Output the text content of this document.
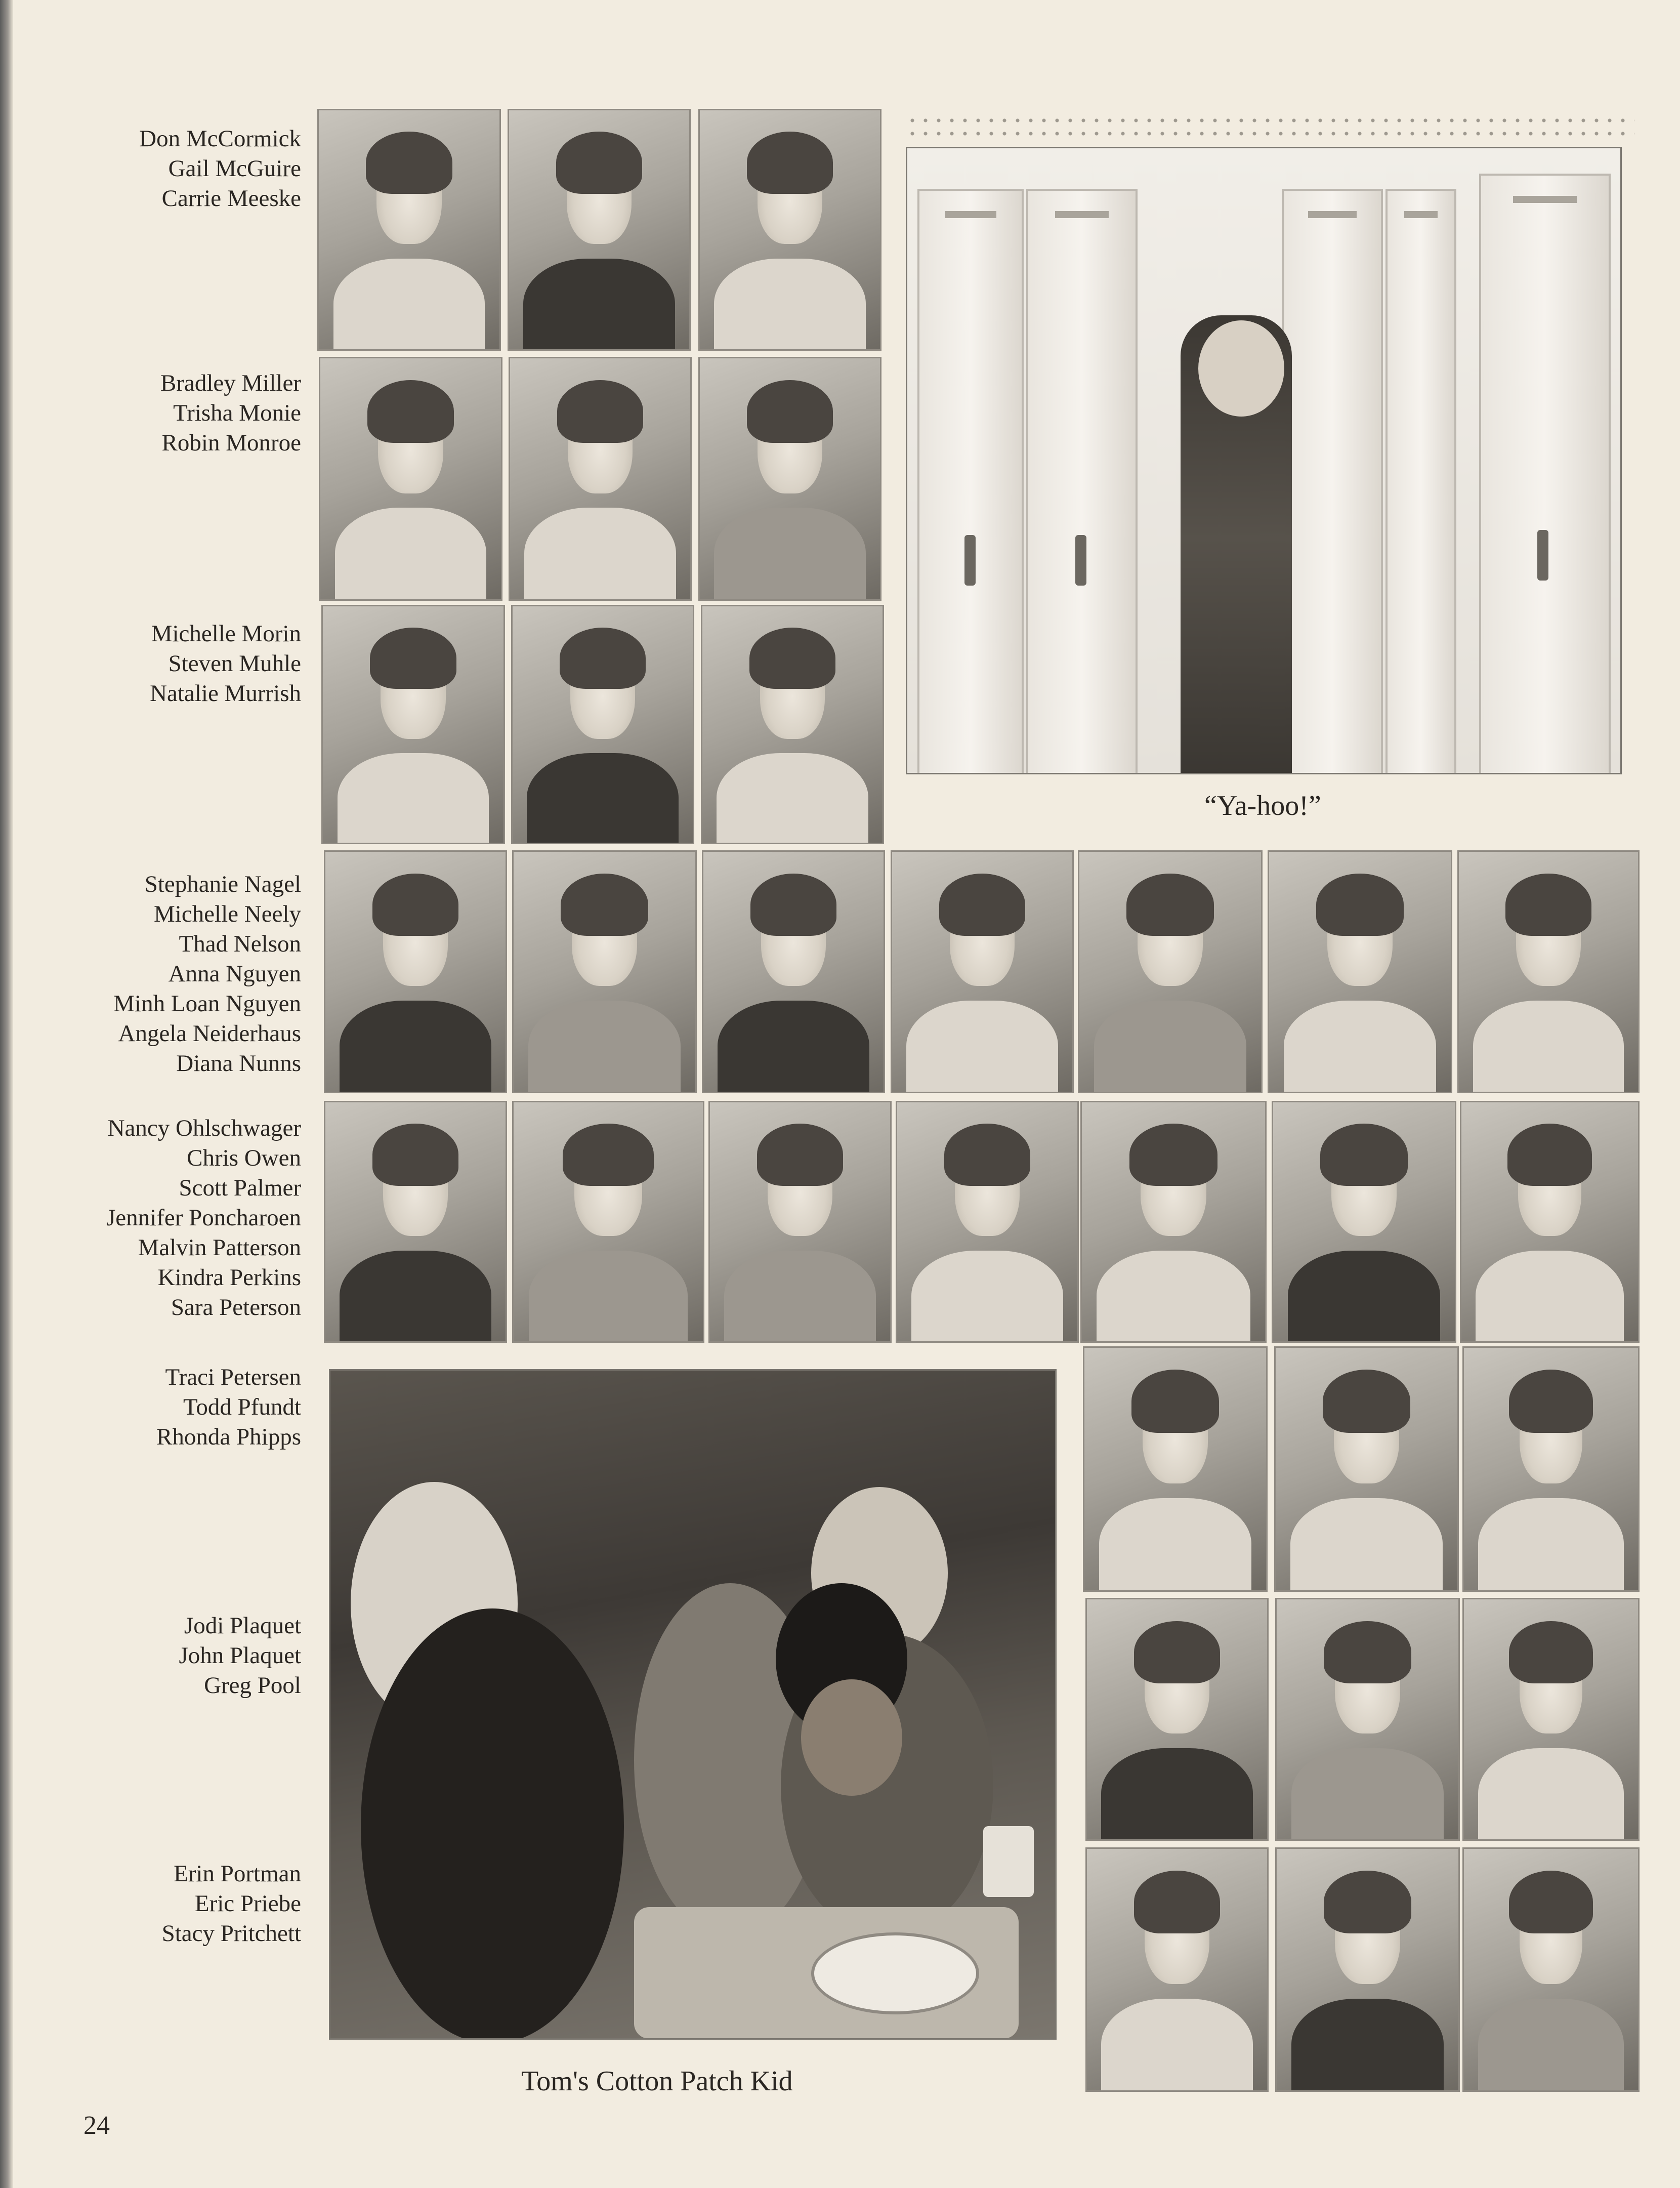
Don McCormick
Gail McGuire
Carrie Meeske
Bradley Miller
Trisha Monie
Robin Monroe
Michelle Morin
Steven Muhle
Natalie Murrish
Stephanie Nagel
Michelle Neely
Thad Nelson
Anna Nguyen
Minh Loan Nguyen
Angela Neiderhaus
Diana Nunns
Nancy Ohlschwager
Chris Owen
Scott Palmer
Jennifer Poncharoen
Malvin Patterson
Kindra Perkins
Sara Peterson
Traci Petersen
Todd Pfundt
Rhonda Phipps
Jodi Plaquet
John Plaquet
Greg Pool
Erin Portman
Eric Priebe
Stacy Pritchett
“Ya-hoo!”
Tom's Cotton Patch Kid
24
